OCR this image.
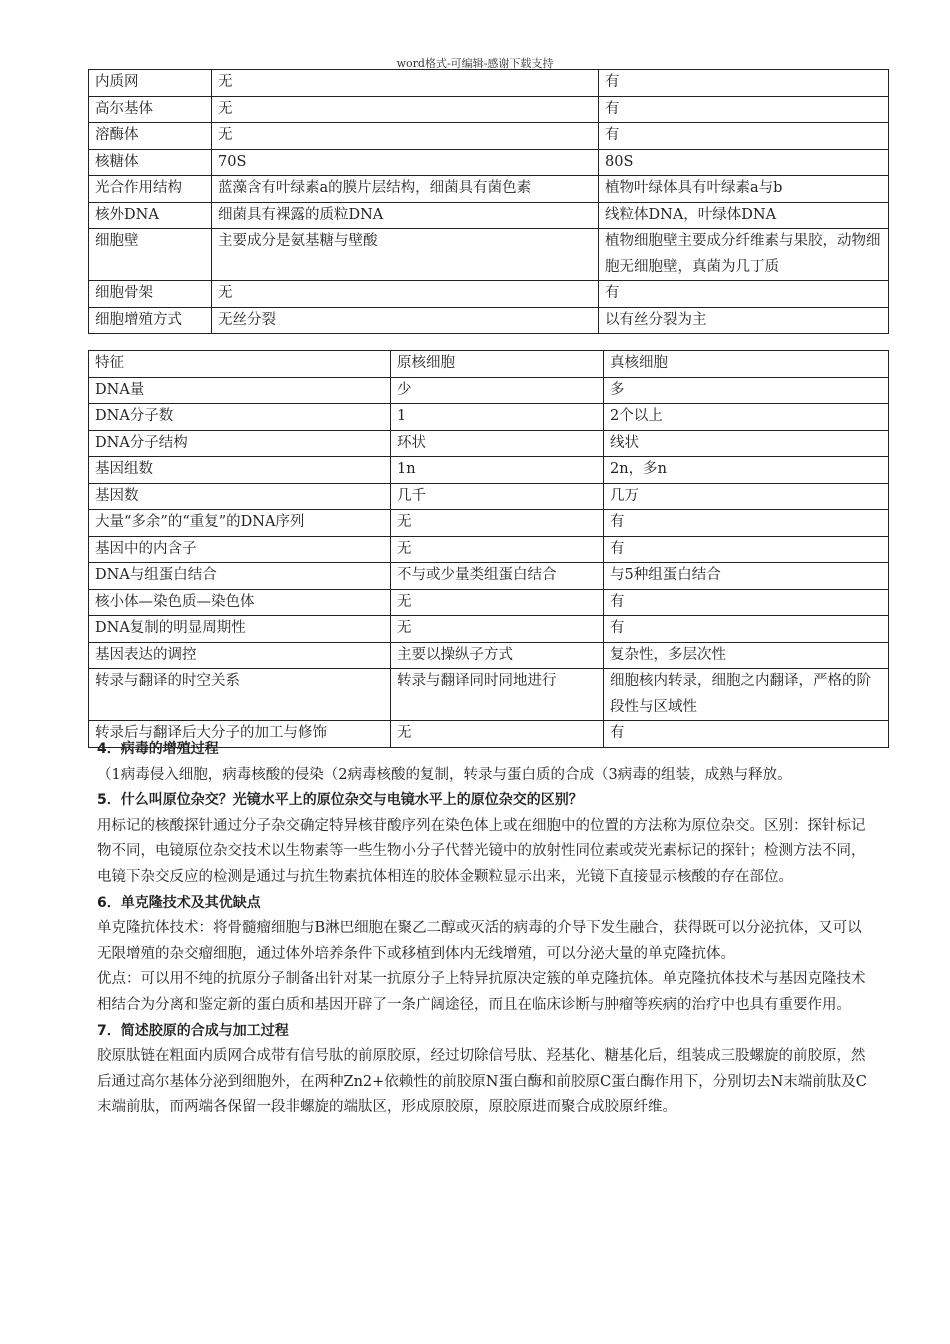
word格式-可编辑-感谢下载支持
内质网	无	有
高尔基体	无	有
溶酶体	无	有
核糖体	70S	80S
光合作用结构	蓝藻含有叶绿素a的膜片层结构，细菌具有菌色素	植物叶绿体具有叶绿素a与b
核外DNA	细菌具有裸露的质粒DNA	线粒体DNA，叶绿体DNA
细胞壁	主要成分是氨基糖与壁酸	植物细胞壁主要成分纤维素与果胶，动物细胞无细胞壁，真菌为几丁质
细胞骨架	无	有
细胞增殖方式	无丝分裂	以有丝分裂为主
特征	原核细胞	真核细胞
DNA量	少	多
DNA分子数	1	2个以上
DNA分子结构	环状	线状
基因组数	1n	2n，多n
基因数	几千	几万
大量“多余”的“重复”的DNA序列	无	有
基因中的内含子	无	有
DNA与组蛋白结合	不与或少量类组蛋白结合	与5种组蛋白结合
核小体—染色质—染色体	无	有
DNA复制的明显周期性	无	有
基因表达的调控	主要以操纵子方式	复杂性，多层次性
转录与翻译的时空关系	转录与翻译同时同地进行	细胞核内转录，细胞之内翻译，严格的阶段性与区域性
转录后与翻译后大分子的加工与修饰	无	有
4．病毒的增殖过程

（1病毒侵入细胞，病毒核酸的侵染（2病毒核酸的复制，转录与蛋白质的合成（3病毒的组装，成熟与释放。

5．什么叫原位杂交？光镜水平上的原位杂交与电镜水平上的原位杂交的区别？

用标记的核酸探针通过分子杂交确定特异核苷酸序列在染色体上或在细胞中的位置的方法称为原位杂交。区别：探针标记物不同，电镜原位杂交技术以生物素等一些生物小分子代替光镜中的放射性同位素或荧光素标记的探针；检测方法不同，电镜下杂交反应的检测是通过与抗生物素抗体相连的胶体金颗粒显示出来，光镜下直接显示核酸的存在部位。

6．单克隆技术及其优缺点

单克隆抗体技术：将骨髓瘤细胞与B淋巴细胞在聚乙二醇或灭活的病毒的介导下发生融合，获得既可以分泌抗体，又可以无限增殖的杂交瘤细胞，通过体外培养条件下或移植到体内无线增殖，可以分泌大量的单克隆抗体。

优点：可以用不纯的抗原分子制备出针对某一抗原分子上特异抗原决定簇的单克隆抗体。单克隆抗体技术与基因克隆技术相结合为分离和鉴定新的蛋白质和基因开辟了一条广阔途径，而且在临床诊断与肿瘤等疾病的治疗中也具有重要作用。

7．简述胶原的合成与加工过程

胶原肽链在粗面内质网合成带有信号肽的前原胶原，经过切除信号肽、羟基化、糖基化后，组装成三股螺旋的前胶原，然后通过高尔基体分泌到细胞外，在两种Zn2+依赖性的前胶原N蛋白酶和前胶原C蛋白酶作用下，分别切去N末端前肽及C末端前肽，而两端各保留一段非螺旋的端肽区，形成原胶原，原胶原进而聚合成胶原纤维。
